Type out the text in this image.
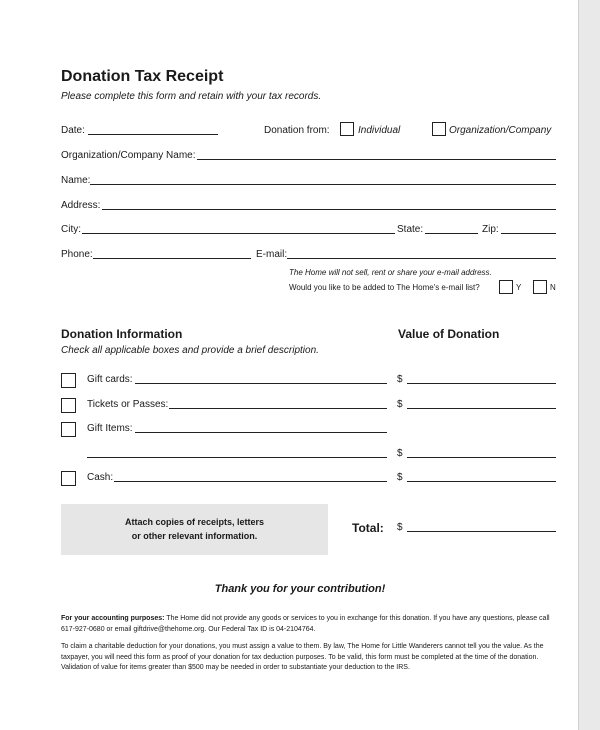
Donation Tax Receipt
Please complete this form and retain with your tax records.
Date:	Donation from:	Individual	Organization/Company
Organization/Company Name:
Name:
Address:
City:	State:	Zip:
Phone:	E-mail:
The Home will not sell, rent or share your e-mail address.
Would you like to be added to The Home's e-mail list?	Y	N
Donation Information	Value of Donation
Check all applicable boxes and provide a brief description.
Gift cards:	$
Tickets or Passes:	$
Gift Items:
$
Cash:	$
Attach copies of receipts, letters
or other relevant information.
Total: $
Thank you for your contribution!
For your accounting purposes: The Home did not provide any goods or services to you in exchange for this donation. If you have any questions, please call 617-927-0680 or email giftdrive@thehome.org. Our Federal Tax ID is 04-2104764.
To claim a charitable deduction for your donations, you must assign a value to them. By law, The Home for Little Wanderers cannot tell you the value. As the taxpayer, you will need this form as proof of your donation for tax deduction purposes. To be valid, this form must be completed at the time of the donation. Validation of value for items greater than $500 may be needed in order to substantiate your deduction to the IRS.
